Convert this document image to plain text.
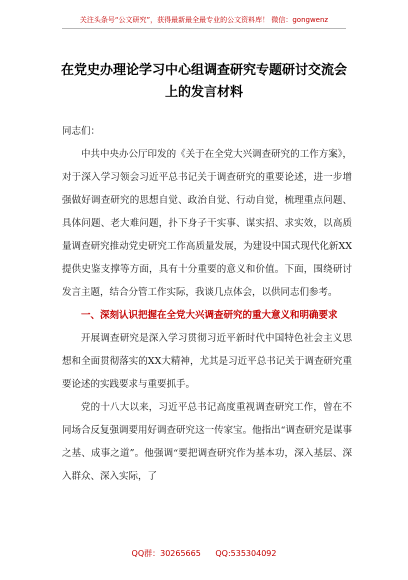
关注头条号“公文研究”，获得最新最全最专业的公文资料库！ 微信：gongwenz
在党史办理论学习中心组调查研究专题研讨交流会上的发言材料

同志们：

中共中央办公厅印发的《关于在全党大兴调查研究的工作方案》，对于深入学习领会习近平总书记关于调查研究的重要论述，进一步增强做好调查研究的思想自觉、政治自觉、行动自觉，梳理重点问题、具体问题、老大难问题，扑下身子干实事、谋实招、求实效，以高质量调查研究推动党史研究工作高质量发展，为建设中国式现代化新XX提供史鉴支撑等方面，具有十分重要的意义和价值。下面，围绕研讨发言主题，结合分管工作实际，我谈几点体会，以供同志们参考。

一、深刻认识把握在全党大兴调查研究的重大意义和明确要求

开展调查研究是深入学习贯彻习近平新时代中国特色社会主义思想和全面贯彻落实的XX大精神，尤其是习近平总书记关于调查研究重要论述的实践要求与重要抓手。

党的十八大以来，习近平总书记高度重视调查研究工作，曾在不同场合反复强调要用好调查研究这一传家宝。他指出“调查研究是谋事之基、成事之道”。他强调“要把调查研究作为基本功，深入基层、深入群众、深入实际，了

QQ群：30265665 QQ:535304092
